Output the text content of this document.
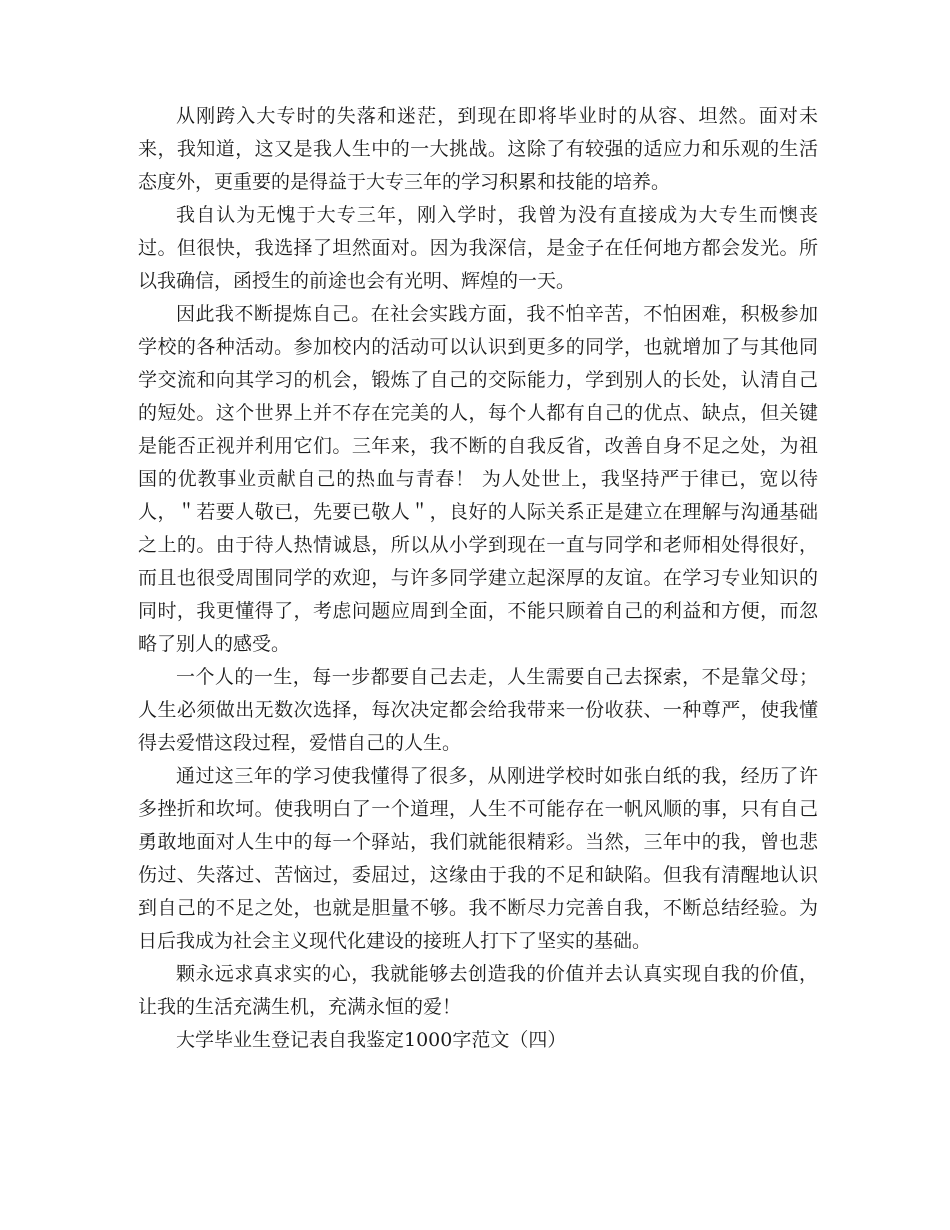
从刚跨入大专时的失落和迷茫，到现在即将毕业时的从容、坦然。面对未来，我知道，这又是我人生中的一大挑战。这除了有较强的适应力和乐观的生活态度外，更重要的是得益于大专三年的学习积累和技能的培养。

我自认为无愧于大专三年，刚入学时，我曾为没有直接成为大专生而懊丧过。但很快，我选择了坦然面对。因为我深信，是金子在任何地方都会发光。所以我确信，函授生的前途也会有光明、辉煌的一天。

因此我不断提炼自己。在社会实践方面，我不怕辛苦，不怕困难，积极参加学校的各种活动。参加校内的活动可以认识到更多的同学，也就增加了与其他同学交流和向其学习的机会，锻炼了自己的交际能力，学到别人的长处，认清自己的短处。这个世界上并不存在完美的人，每个人都有自己的优点、缺点，但关键是能否正视并利用它们。三年来，我不断的自我反省，改善自身不足之处，为祖国的优教事业贡献自己的热血与青春！ 为人处世上，我坚持严于律已，宽以待人，＂若要人敬已，先要已敬人＂，良好的人际关系正是建立在理解与沟通基础之上的。由于待人热情诚恳，所以从小学到现在一直与同学和老师相处得很好，而且也很受周围同学的欢迎，与许多同学建立起深厚的友谊。在学习专业知识的同时，我更懂得了，考虑问题应周到全面，不能只顾着自己的利益和方便，而忽略了别人的感受。

一个人的一生，每一步都要自己去走，人生需要自己去探索，不是靠父母；人生必须做出无数次选择，每次决定都会给我带来一份收获、一种尊严，使我懂得去爱惜这段过程，爱惜自己的人生。

通过这三年的学习使我懂得了很多，从刚进学校时如张白纸的我，经历了许多挫折和坎坷。使我明白了一个道理，人生不可能存在一帆风顺的事，只有自己勇敢地面对人生中的每一个驿站，我们就能很精彩。当然，三年中的我，曾也悲伤过、失落过、苦恼过，委屈过，这缘由于我的不足和缺陷。但我有清醒地认识到自己的不足之处，也就是胆量不够。我不断尽力完善自我，不断总结经验。为日后我成为社会主义现代化建设的接班人打下了坚实的基础。

颗永远求真求实的心，我就能够去创造我的价值并去认真实现自我的价值，让我的生活充满生机，充满永恒的爱！

大学毕业生登记表自我鉴定1000字范文（四）
